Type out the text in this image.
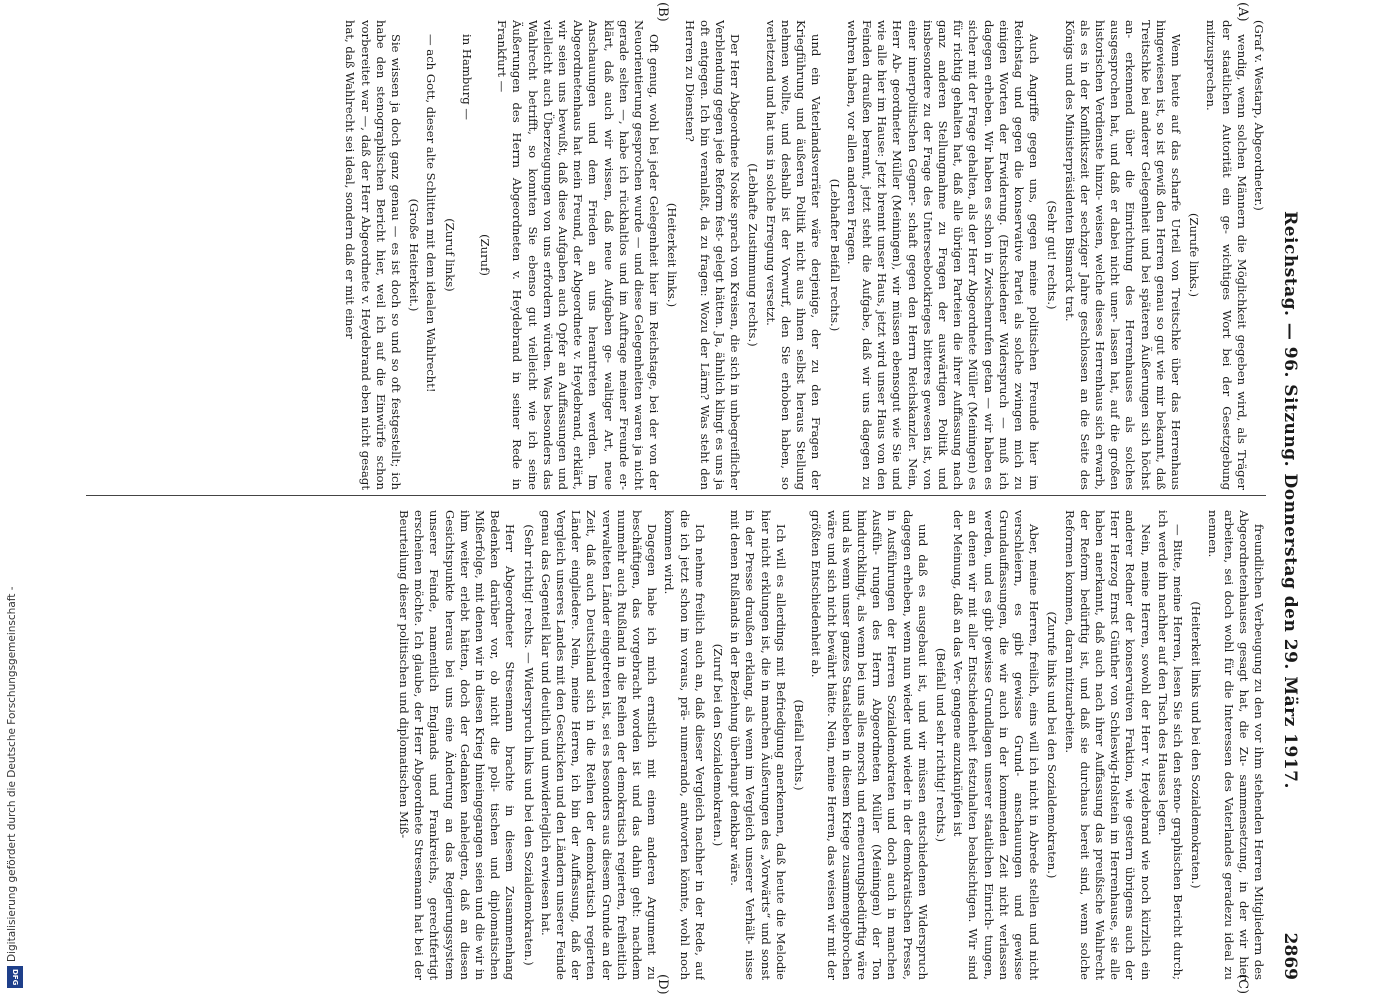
Reichstag. — 96. Sitzung. Donnerstag den 29. März 1917.
2869
(A)
(B)
(C)
(D)

(Graf v. Westarp, Abgeordneter.)

wendig, wenn solchen Männern die Möglichkeit gegeben wird, als Träger der staatlichen Autorität ein ge- wichtiges Wort bei der Gesetzgebung mitzusprechen.

(Zurufe links.)

Wenn heute auf das scharfe Urteil von Treitschke über das Herrenhaus hingewiesen ist, so ist gewiß den Herren genau so gut wie mir bekannt, daß Treitschke bei anderer Gelegenheit und bei späteren Äußerungen sich höchst an- erkennend über die Einrichtung des Herrenhauses als solches ausgesprochen hat, und daß er dabei nicht uner- lassen hat, auf die großen historischen Verdienste hinzu- weisen, welche dieses Herrenhaus sich erwarb, als es in der Konfliktszeit der sechziger Jahre geschlossen an die Seite des Königs und des Ministerpräsidenten Bismarck trat.

(Sehr gut! rechts.)

Auch Angriffe gegen uns, gegen meine politischen Freunde hier im Reichstag und gegen die konservative Partei als solche zwingen mich zu einigen Worten der Erwiderung. (Entschiedener Widerspruch — muß ich dagegen erheben. Wir haben es schon in Zwischenrufen getan — wir haben es sicher mit der Frage gehalten, als der Herr Abgeordnete Müller (Meiningen) es für richtig gehalten hat, daß alle übrigen Parteien die ihrer Auffassung nach ganz anderen Stellungnahme zu Fragen der auswärtigen Politik und insbesondere zu der Frage des Unterseebootkrieges bitteres gewesen ist, von einer innerpolitischen Gegner- schaft gegen den Herrn Reichskanzler. Nein, Herr Ab- geordneter Müller (Meiningen), wir müssen ebensogut wie Sie und wie alle hier im Hause: Jetzt brennt unser Haus, jetzt wird unser Haus von den Feinden draußen berannt, jetzt steht die Aufgabe, daß wir uns dagegen zu wehren haben, vor allen anderen Fragen.

(Lebhafter Beifall rechts.)

und ein Vaterlandsverräter wäre derjenige, der zu den Fragen der Kriegführung und äußeren Politik nicht aus ihnen selbst heraus Stellung nehmen wollte, und deshalb ist der Vorwurf, den Sie erhoben haben, so verletzend und hat uns in solche Erregung versetzt.

(Lebhafte Zustimmung rechts.)

Der Herr Abgeordnete Noske sprach von Kreisen, die sich in unbegreiflicher Verblendung gegen jede Reform fest- gelegt hätten. Ja, ähnlich klingt es uns ja oft entgegen. Ich bin veranlaßt, da zu fragen: Wozu der Lärm? Was steht den Herren zu Diensten?

(Heiterkeit links.)

Oft genug, wohl bei jeder Gelegenheit hier im Reichstage, bei der von der Neuorientierung gesprochen wurde — und diese Gelegenheiten waren ja nicht gerade selten —, habe ich rückhaltlos und im Auftrage meiner Freunde er- klärt, daß auch wir wissen, daß neue Aufgaben ge- waltiger Art, neue Anschauungen und dem Frieden an uns herantreten werden. Im Abgeordnetenhaus hat mein Freund, der Abgeordnete v. Heydebrand, erklärt, wir seien uns bewußt, daß diese Aufgaben auch Opfer an Auffassungen und vielleicht auch Überzeugungen von uns erfordern würden. Was besonders das Wahlrecht betrifft, so konnten Sie ebenso gut vielleicht wie ich seine Äußerungen des Herrn Abgeordneten v. Heydebrand in seiner Rede in Frankfurt —

(Zuruf)

in Hamburg —

(Zuruf links)

— ach Gott, dieser alte Schlitten mit dem idealen Wahlrecht!

(Große Heiterkeit.)

Sie wissen ja doch ganz genau — es ist doch so und so oft festgestellt; ich habe den stenographischen Bericht hier, weil ich auf die Einwürfe schon vorbereitet war —, daß der Herr Abgeordnete v. Heydebrand eben nicht gesagt hat, daß Wahlrecht sei ideal, sondern daß er mit einer

freundlichen Verbeugung zu den vor ihm stehenden Herren Mitgliedern des Abgeordnetenhauses gesagt hat, die Zu- sammensetzung, in der wir hier arbeiten, sei doch wohl für die Interessen des Vaterlandes geradezu ideal zu nennen.

(Heiterkeit links und bei den Sozialdemokraten.)

— Bitte, meine Herren, lesen Sie sich den steno- graphischen Bericht durch; ich werde ihn nachher auf den Tisch des Hauses legen.

Nein, meine Herren, sowohl der Herr v. Heydebrand wie noch kürzlich ein anderer Redner der konservativen Fraktion, wie gestern übrigens auch der Herr Herzog Ernst Günther von Schleswig-Holstein im Herrenhause, sie alle haben anerkannt, daß auch nach ihrer Auffassung das preußische Wahlrecht der Reform bedürftig ist, und daß sie durchaus bereit sind, wenn solche Reformen kommen, daran mitzuarbeiten.

(Zurufe links und bei den Sozialdemokraten.)

Aber, meine Herren, freilich, eins will ich nicht in Abrede stellen und nicht verschleiern, es gibt gewisse Grund- anschauungen und gewisse Grundauffassungen, die wir auch in der kommenden Zeit nicht verlassen werden, und es gibt gewisse Grundlagen unserer staatlichen Einrich- tungen, an denen wir mit aller Entschiedenheit festzuhalten beabsichtigen. Wir sind der Meinung, daß an das Ver- gangene anzuknüpfen ist

(Beifall und sehr richtig! rechts.)

und daß es ausgebaut ist, und wir müssen entschiedenen Widerspruch dagegen erheben, wenn nun wieder und wieder in der demokratischen Presse, in Ausführungen der Herren Sozialdemokraten und doch auch in manchen Ausfüh- rungen des Herrn Abgeordneten Müller (Meiningen) der Ton hindurchklingt, als wenn bei uns alles morsch und erneuerungsbedürftig wäre und als wenn unser ganzes Staatsleben in diesem Kriege zusammengebrochen wäre und sich nicht bewährt hätte. Nein, meine Herren, das weisen wir mit der größten Entschiedenheit ab.

(Beifall rechts.)

Ich will es allerdings mit Befriedigung anerkennen, daß heute die Melodie hier nicht erklungen ist, die in manchen Äußerungen des „Vorwärts“ und sonst in der Presse draußen erklang, als wenn im Vergleich unserer Verhält- nisse mit denen Rußlands in der Beziehung überhaupt denkbar wäre.

(Zuruf bei den Sozialdemokraten.)

Ich nehme freilich auch an, daß dieser Vergleich nachher in der Rede, auf die ich jetzt schon im voraus, prä- numerando, antworten könnte, wohl noch kommen wird.

Dagegen habe ich mich ernstlich mit einem anderen Argument zu beschäftigen, das vorgebracht worden ist und das dahin geht: nachdem nunmehr auch Rußland in die Reihen der demokratisch regierten, freiheitlich verwalteten Länder eingetreten ist, sei es besonders aus diesem Grunde an der Zeit, daß auch Deutschland sich in die Reihen der demokratisch regierten Länder eingliedere. Nein, meine Herren, ich bin der Auffassung, daß der Vergleich unseres Landes mit den Geschicken und den Ländern unserer Feinde genau das Gegenteil klar und deutlich und unwiderleglich erwiesen hat.

(Sehr richtig! rechts. — Widerspruch links und bei den Sozialdemokraten.)

Herr Abgeordneter Stresemann brachte in diesem Zusammenhang Bedenken darüber vor, ob nicht die poli- tischen und diplomatischen Mißerfolge, mit denen wir in diesen Krieg hineingegangen seien und die wir in ihm weiter erlebt hätten, doch der Gedanken nahelegten, daß an diesen Gesichtspunkte heraus bei uns eine Änderung an das Regierungssystem unserer Feinde, namentlich Englands und Frankreichs, gerechtfertigt erscheinen möchte. Ich glaube, der Herr Abgeordnete Stresemann hat bei der Beurteilung dieser politischen und diplomatischen Miß-

Digitalisierung gefördert durch die Deutsche Forschungsgemeinschaft -
DFG
